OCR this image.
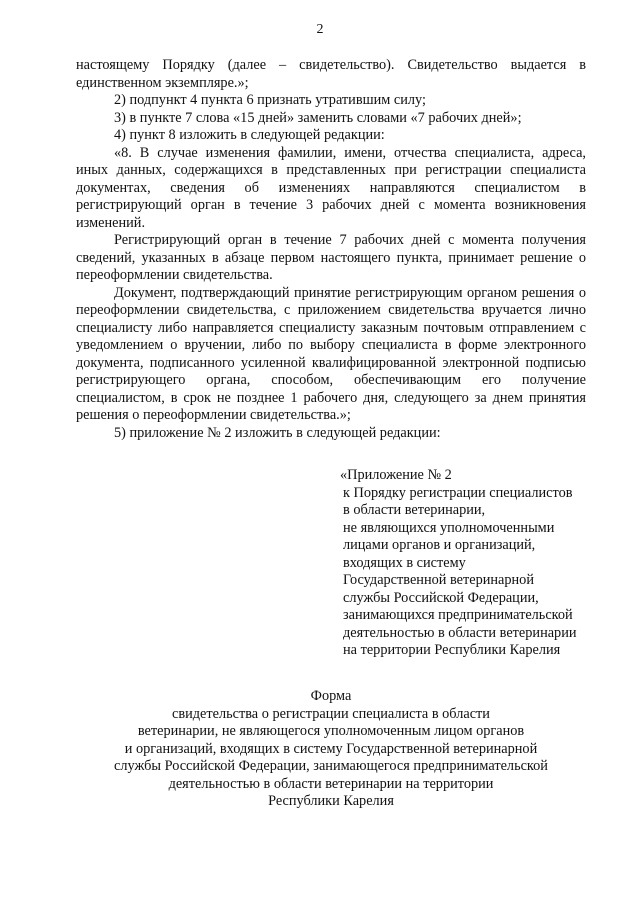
2

настоящему Порядку (далее – свидетельство). Свидетельство выдается в единственном экземпляре.»;

2) подпункт 4 пункта 6 признать утратившим силу;

3) в пункте 7 слова «15 дней» заменить словами «7 рабочих дней»;

4) пункт 8 изложить в следующей редакции:

«8. В случае изменения фамилии, имени, отчества специалиста, адреса, иных данных, содержащихся в представленных при регистрации специалиста документах, сведения об изменениях направляются специалистом в регистрирующий орган в течение 3 рабочих дней с момента возникновения изменений.

Регистрирующий орган в течение 7 рабочих дней с момента получения сведений, указанных в абзаце первом настоящего пункта, принимает решение о переоформлении свидетельства.

Документ, подтверждающий принятие регистрирующим органом решения о переоформлении свидетельства, с приложением свидетельства вручается лично специалисту либо направляется специалисту заказным почтовым отправлением с уведомлением о вручении, либо по выбору специалиста в форме электронного документа, подписанного усиленной квалифицированной электронной подписью регистрирующего органа, способом, обеспечивающим его получение специалистом, в срок не позднее 1 рабочего дня, следующего за днем принятия решения о переоформлении свидетельства.»;

5) приложение № 2 изложить в следующей редакции:

«Приложение № 2
к Порядку регистрации специалистов
в области ветеринарии,
не являющихся уполномоченными
лицами органов и организаций,
входящих в систему
Государственной ветеринарной
службы Российской Федерации,
занимающихся предпринимательской
деятельностью в области ветеринарии
на территории Республики Карелия
Форма
свидетельства о регистрации специалиста в области
ветеринарии, не являющегося уполномоченным лицом органов
и организаций, входящих в систему Государственной ветеринарной
службы Российской Федерации, занимающегося предпринимательской
деятельностью в области ветеринарии на территории
Республики Карелия
